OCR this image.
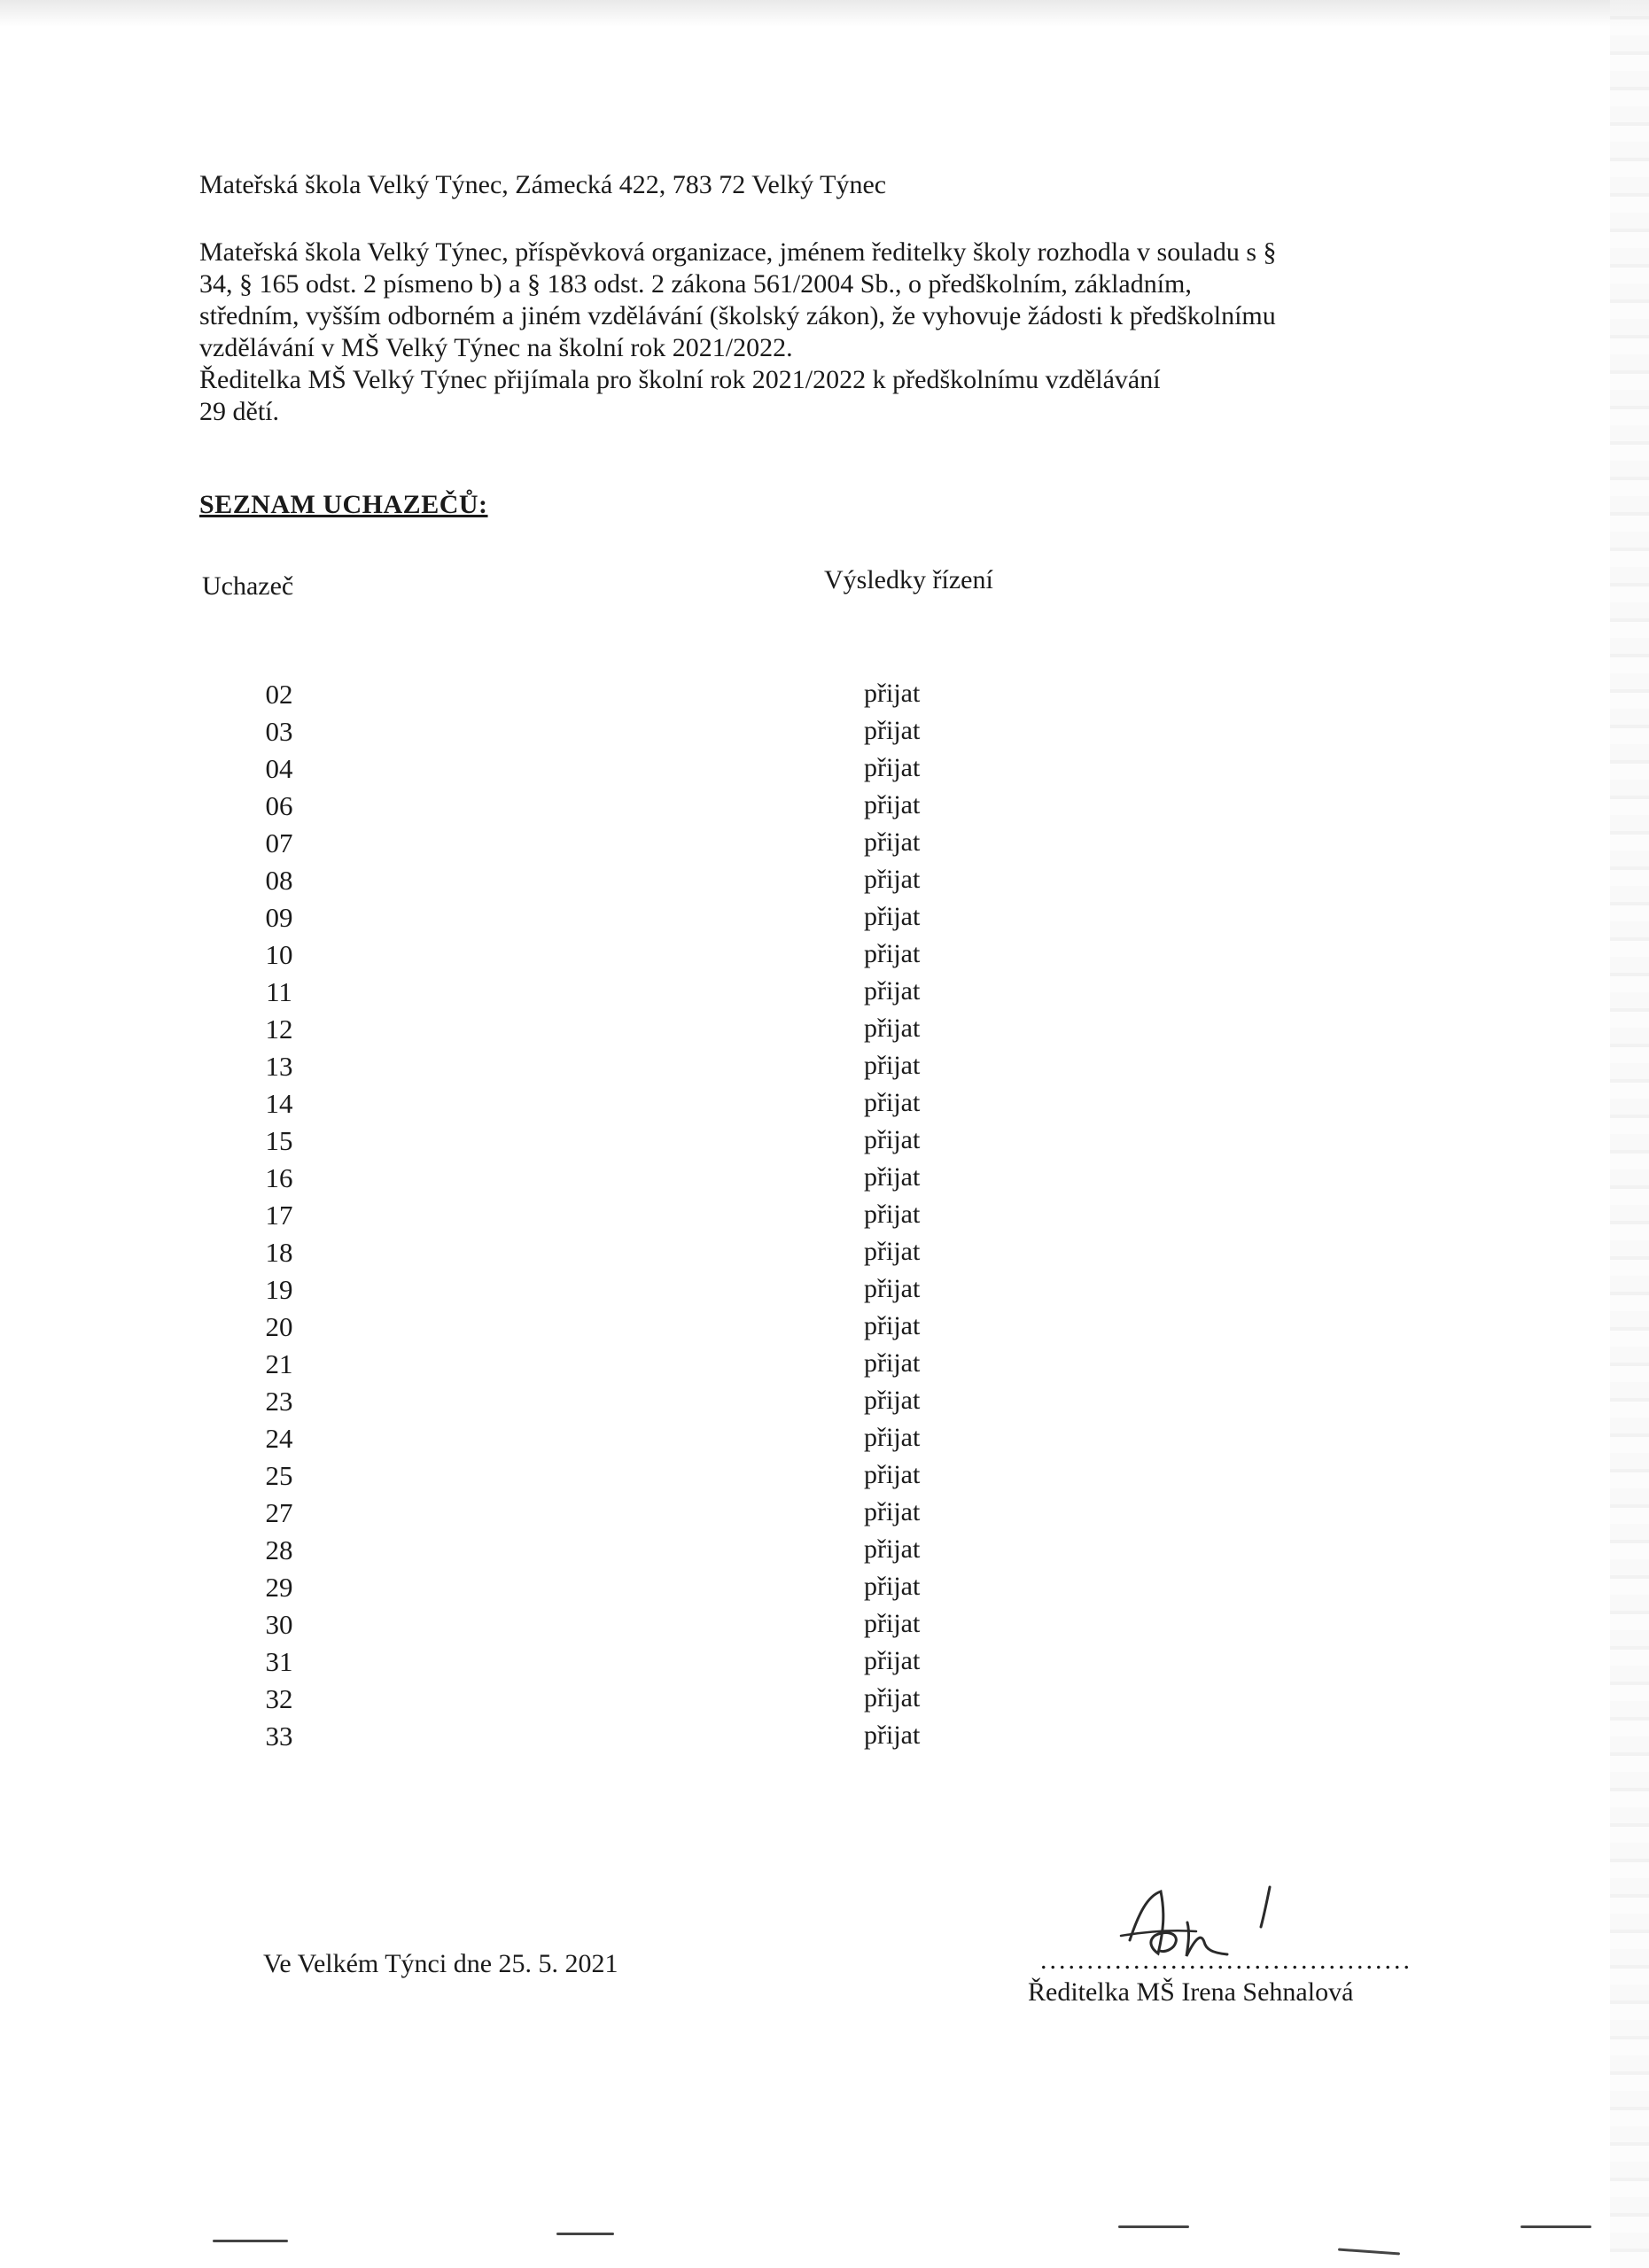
Mateřská škola Velký Týnec, Zámecká 422, 783 72 Velký Týnec
Mateřská škola Velký Týnec, příspěvková organizace, jménem ředitelky školy rozhodla v souladu s §
34, § 165 odst. 2 písmeno b) a § 183 odst. 2 zákona 561/2004 Sb., o předškolním, základním,
středním, vyšším odborném a jiném vzdělávání (školský zákon), že vyhovuje žádosti k předškolnímu
vzdělávání v MŠ Velký Týnec na školní rok 2021/2022.
Ředitelka MŠ Velký Týnec přijímala pro školní rok 2021/2022 k předškolnímu vzdělávání
29 dětí.
SEZNAM UCHAZEČŮ:
Uchazeč	Výsledky řízení
02	přijat
03	přijat
04	přijat
06	přijat
07	přijat
08	přijat
09	přijat
10	přijat
11	přijat
12	přijat
13	přijat
14	přijat
15	přijat
16	přijat
17	přijat
18	přijat
19	přijat
20	přijat
21	přijat
23	přijat
24	přijat
25	přijat
27	přijat
28	přijat
29	přijat
30	přijat
31	přijat
32	přijat
33	přijat
Ve Velkém Týnci dne 25. 5. 2021	........................................
Ředitelka MŠ Irena Sehnalová
